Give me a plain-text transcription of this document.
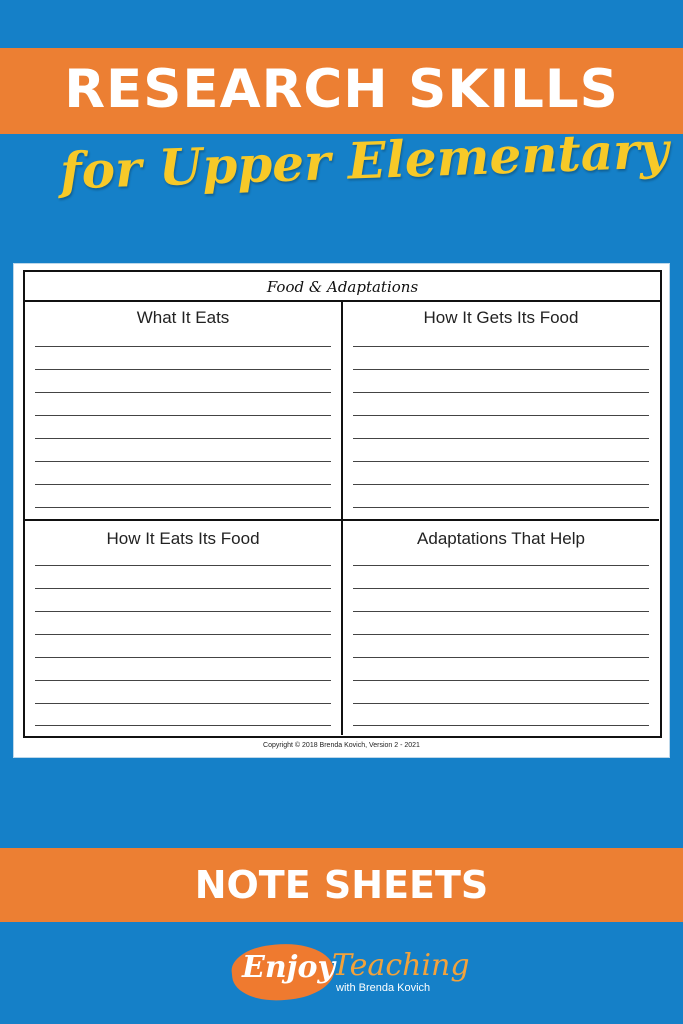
RESEARCH SKILLS
for Upper Elementary
Food & Adaptations
What It Eats	How It Gets Its Food
How It Eats Its Food	Adaptations That Help
Copyright © 2018 Brenda Kovich, Version 2 - 2021
NOTE SHEETS
Enjoy
Teaching
with Brenda Kovich
